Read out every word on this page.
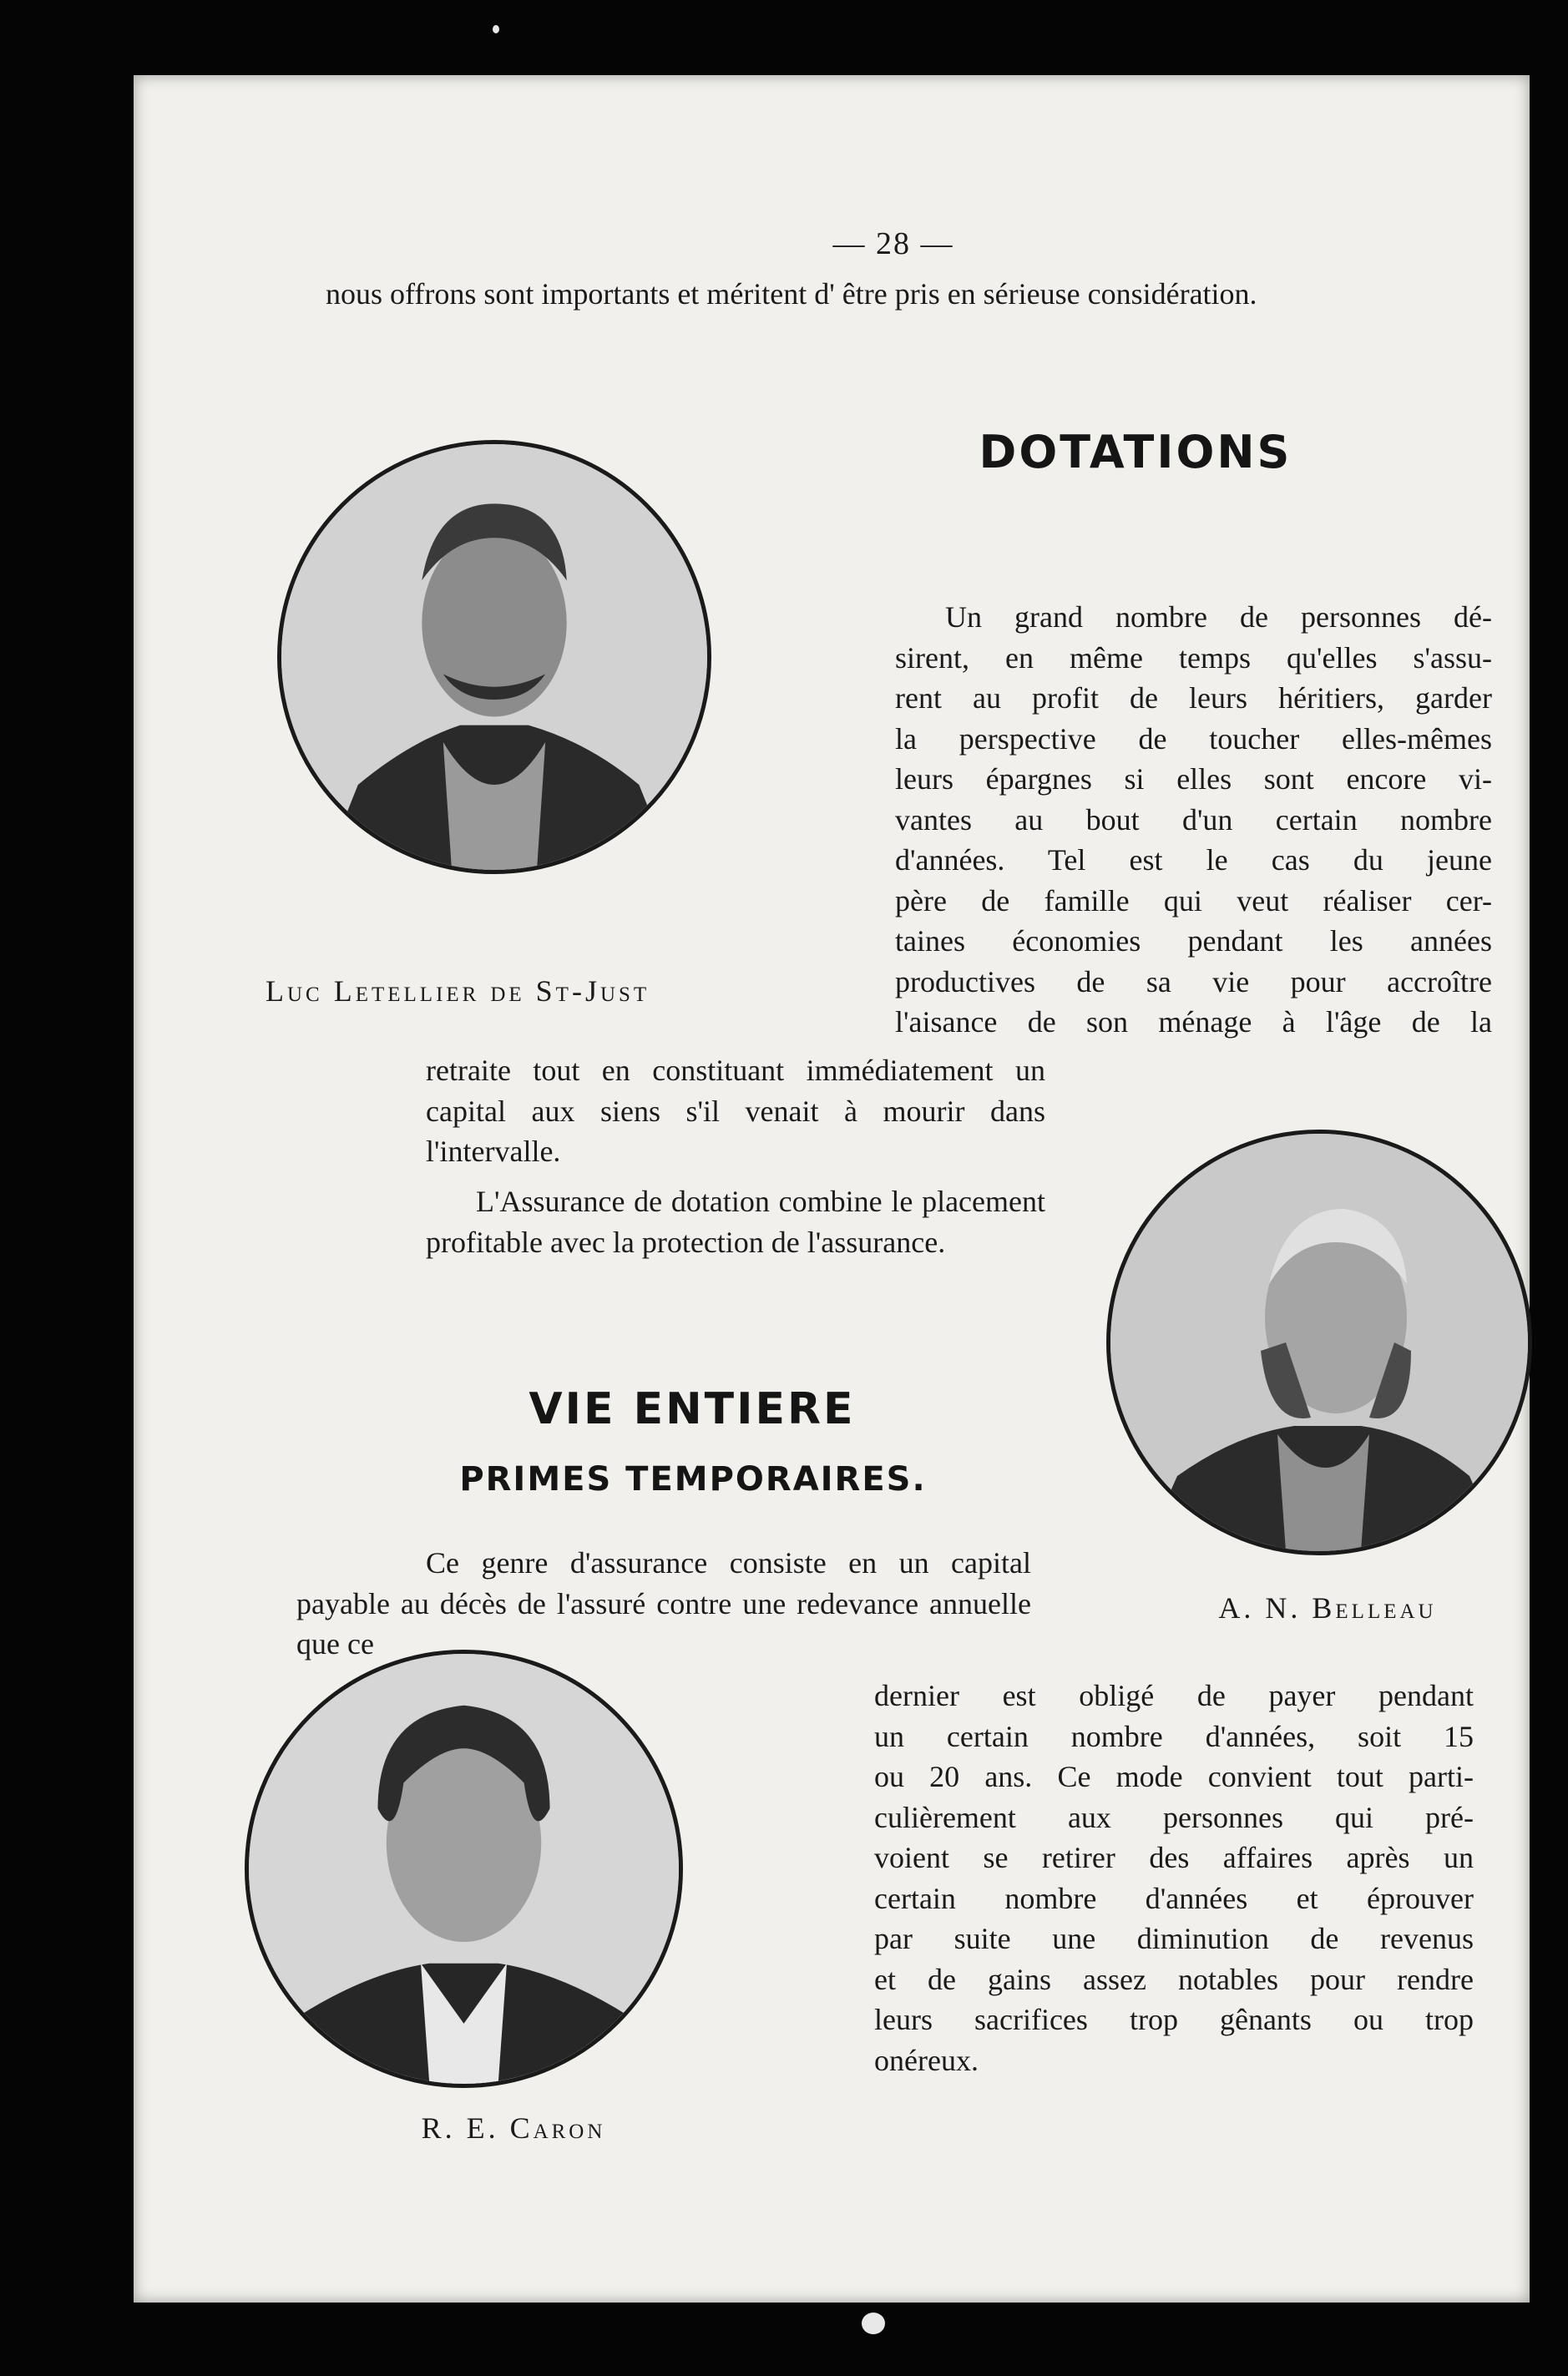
— 28 —
nous offrons sont importants et méritent d' être pris en sérieuse considération.
DOTATIONS
Luc Letellier de St-Just
Un grand nombre de personnes dé-
sirent, en même temps qu'elles s'assu-
rent au profit de leurs héritiers, garder
la perspective de toucher elles-mêmes
leurs épargnes si elles sont encore vi-
vantes au bout d'un certain nombre
d'années. Tel est le cas du jeune
père de famille qui veut réaliser cer-
taines économies pendant les années
productives de sa vie pour accroître
l'aisance de son ménage à l'âge de la
retraite tout en constituant immédiatement un capital aux siens s'il venait à mourir dans l'intervalle.
L'Assurance de dotation combine le placement profitable avec la protection de l'assurance.
A. N. Belleau
VIE ENTIERE
PRIMES TEMPORAIRES.
Ce genre d'assurance consiste en un capital payable au décès de l'assuré contre une redevance annuelle que ce
dernier est obligé de payer pendant
un certain nombre d'années, soit 15
ou 20 ans. Ce mode convient tout parti-
culièrement aux personnes qui pré-
voient se retirer des affaires après un
certain nombre d'années et éprouver
par suite une diminution de revenus
et de gains assez notables pour rendre
leurs sacrifices trop gênants ou trop
onéreux.
R. E. Caron
